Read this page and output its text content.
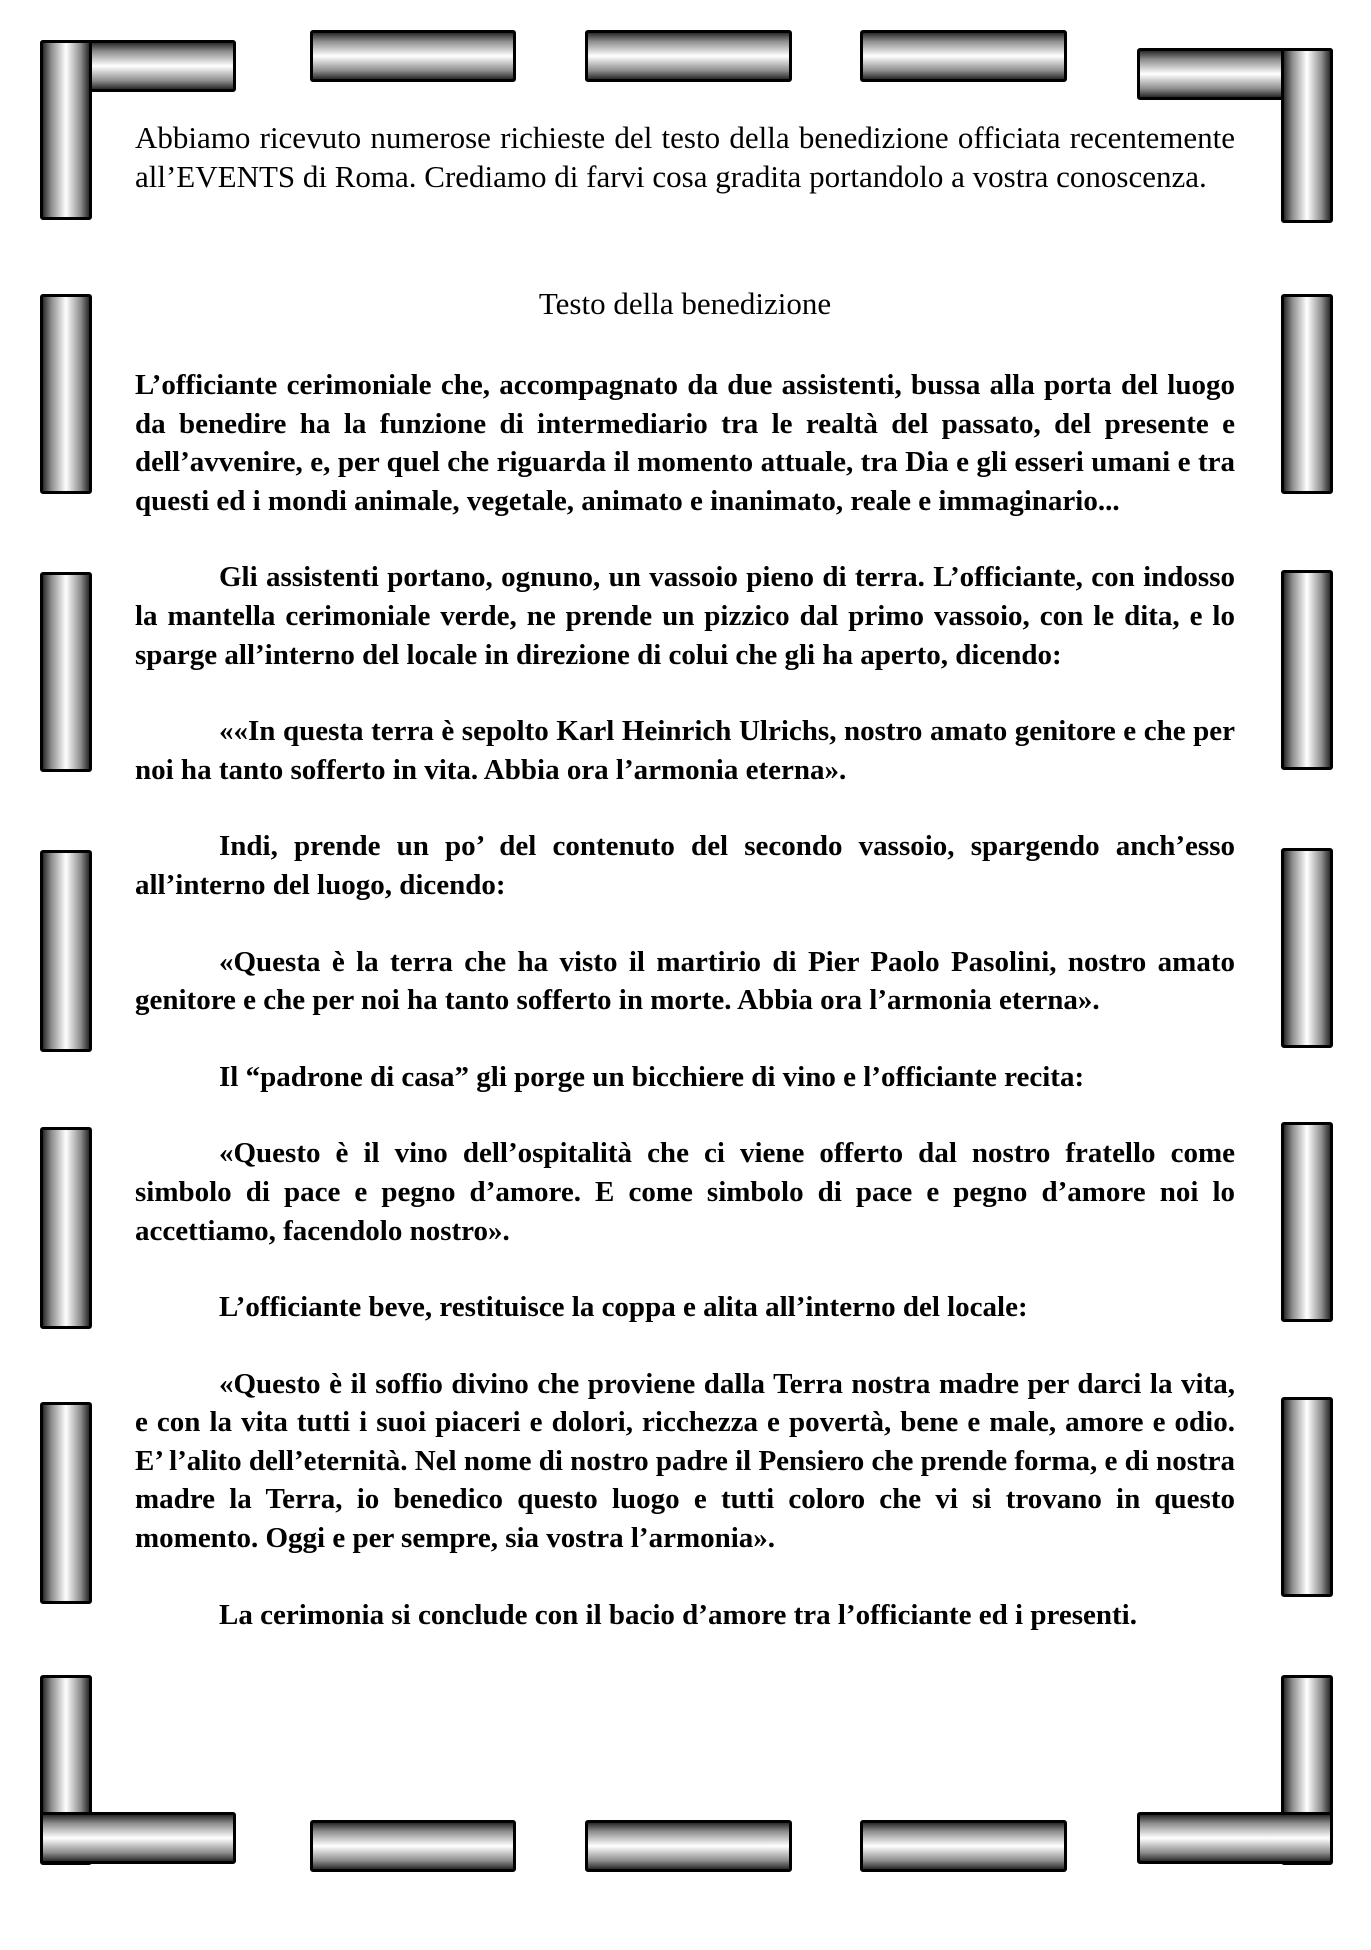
Abbiamo ricevuto numerose richieste del testo della benedizione officiata recentemente all’EVENTS di Roma. Crediamo di farvi cosa gradita portandolo a vostra conoscenza.
Testo della benedizione

L’officiante cerimoniale che, accompagnato da due assistenti, bussa alla porta del luogo da benedire ha la funzione di intermediario tra le realtà del passato, del presente e dell’avvenire, e, per quel che riguarda il momento attuale, tra Dia e gli esseri umani e tra questi ed i mondi animale, vegetale, animato e inanimato, reale e immaginario...

Gli assistenti portano, ognuno, un vassoio pieno di terra. L’officiante, con indosso la mantella cerimoniale verde, ne prende un pizzico dal primo vassoio, con le dita, e lo sparge all’interno del locale in direzione di colui che gli ha aperto, dicendo:

««In questa terra è sepolto Karl Heinrich Ulrichs, nostro amato genitore e che per noi ha tanto sofferto in vita. Abbia ora l’armonia eterna».

Indi, prende un po’ del contenuto del secondo vassoio, spargendo anch’esso all’interno del luogo, dicendo:

«Questa è la terra che ha visto il martirio di Pier Paolo Pasolini, nostro amato genitore e che per noi ha tanto sofferto in morte. Abbia ora l’armonia eterna».

Il “padrone di casa” gli porge un bicchiere di vino e l’officiante recita:

«Questo è il vino dell’ospitalità che ci viene offerto dal nostro fratello come simbolo di pace e pegno d’amore. E come simbolo di pace e pegno d’amore noi lo accettiamo, facendolo nostro».

L’officiante beve, restituisce la coppa e alita all’interno del locale:

«Questo è il soffio divino che proviene dalla Terra nostra madre per darci la vita, e con la vita tutti i suoi piaceri e dolori, ricchezza e povertà, bene e male, amore e odio. E’ l’alito dell’eternità. Nel nome di nostro padre il Pensiero che prende forma, e di nostra madre la Terra, io benedico questo luogo e tutti coloro che vi si trovano in questo momento. Oggi e per sempre, sia vostra l’armonia».

La cerimonia si conclude con il bacio d’amore tra l’officiante ed i presenti.
